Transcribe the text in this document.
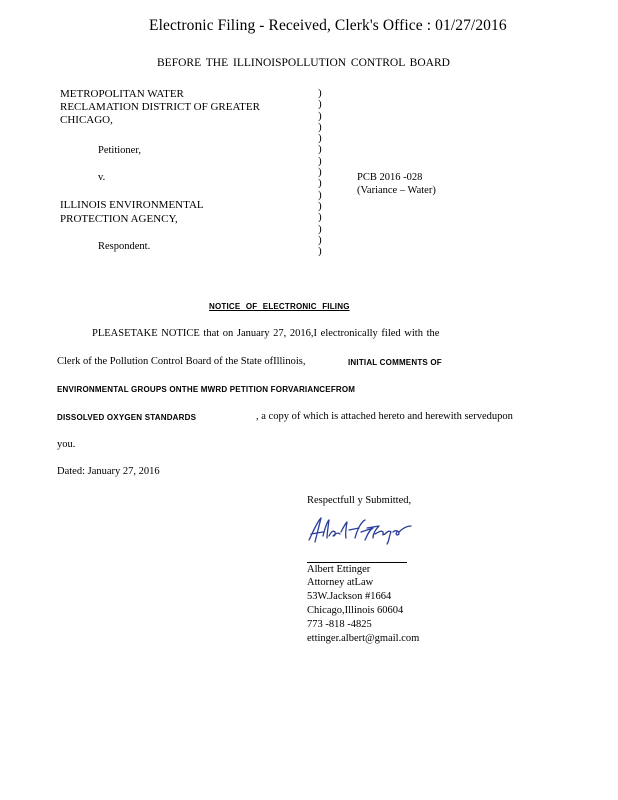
Electronic Filing - Received, Clerk's Office : 01/27/2016
BEFORE THE ILLINOISPOLLUTION CONTROL BOARD
METROPOLITAN WATER
RECLAMATION DISTRICT OF GREATER
CHICAGO,
Petitioner,
v.
ILLINOIS ENVIRONMENTAL
PROTECTION AGENCY,
Respondent.
)
)
)
)
)
)
)
)
)
)
)
)
)
)
)
PCB 2016 -028
(Variance – Water)
NOTICE OF ELECTRONIC FILING
PLEASETAKE NOTICE that on January 27, 2016,I electronically filed with the
Clerk of the Pollution Control Board of the State ofIllinois,	INITIAL COMMENTS OF
ENVIRONMENTAL GROUPS ONTHE MWRD PETITION FORVARIANCEFROM
DISSOLVED OXYGEN STANDARDS	, a copy of which is attached hereto and herewith servedupon
you.
Dated: January 27, 2016
Respectfull y Submitted,
Albert Ettinger
Albert Ettinger
Attorney atLaw
53W.Jackson #1664
Chicago,Illinois 60604
773 -818 -4825
ettinger.albert@gmail.com
